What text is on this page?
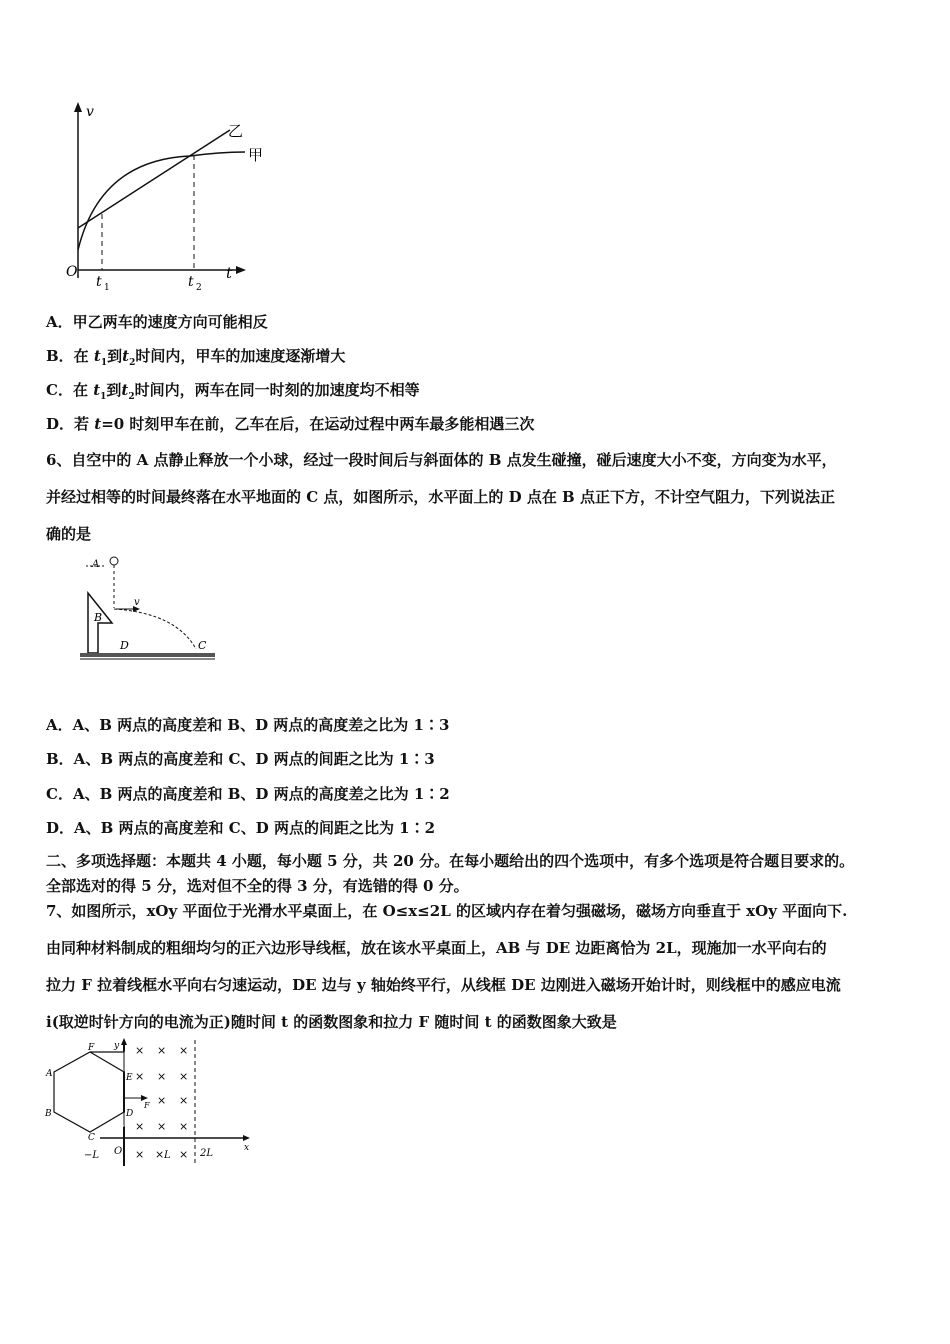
v
t
O
t 1	t 2
乙
甲
A．甲乙两车的速度方向可能相反
B．在 $t_1$到$t_2$时间内，甲车的加速度逐渐增大
C．在 $t_1$到$t_2$时间内，两车在同一时刻的加速度均不相等
D．若 t=0 时刻甲车在前，乙车在后，在运动过程中两车最多能相遇三次
6、自空中的 A 点静止释放一个小球，经过一段时间后与斜面体的 B 点发生碰撞，碰后速度大小不变，方向变为水平，
并经过相等的时间最终落在水平地面的 C 点，如图所示，水平面上的 D 点在 B 点正下方，不计空气阻力，下列说法正
确的是
A
B
D	C
v
A．A、B 两点的高度差和 B、D 两点的高度差之比为 1∶3
B．A、B 两点的高度差和 C、D 两点的间距之比为 1∶3
C．A、B 两点的高度差和 B、D 两点的高度差之比为 1∶2
D．A、B 两点的高度差和 C、D 两点的间距之比为 1∶2
二、多项选择题：本题共 4 小题，每小题 5 分，共 20 分。在每小题给出的四个选项中，有多个选项是符合题目要求的。
全部选对的得 5 分，选对但不全的得 3 分，有选错的得 0 分。
7、如图所示，xOy 平面位于光滑水平桌面上，在 O≤x≤2L 的区域内存在着匀强磁场，磁场方向垂直于 xOy 平面向下.
由同种材料制成的粗细均匀的正六边形导线框，放在该水平桌面上，AB 与 DE 边距离恰为 2L，现施加一水平向右的
拉力 F 拉着线框水平向右匀速运动，DE 边与 y 轴始终平行，从线框 DE 边刚进入磁场开始计时，则线框中的感应电流
i(取逆时针方向的电流为正)随时间 t 的函数图象和拉力 F 随时间 t 的函数图象大致是
F
E
A
B	D
C
y
x
O
−L	L	2L
F
× × ×
× × ×
× ×
× × ×
× × ×
